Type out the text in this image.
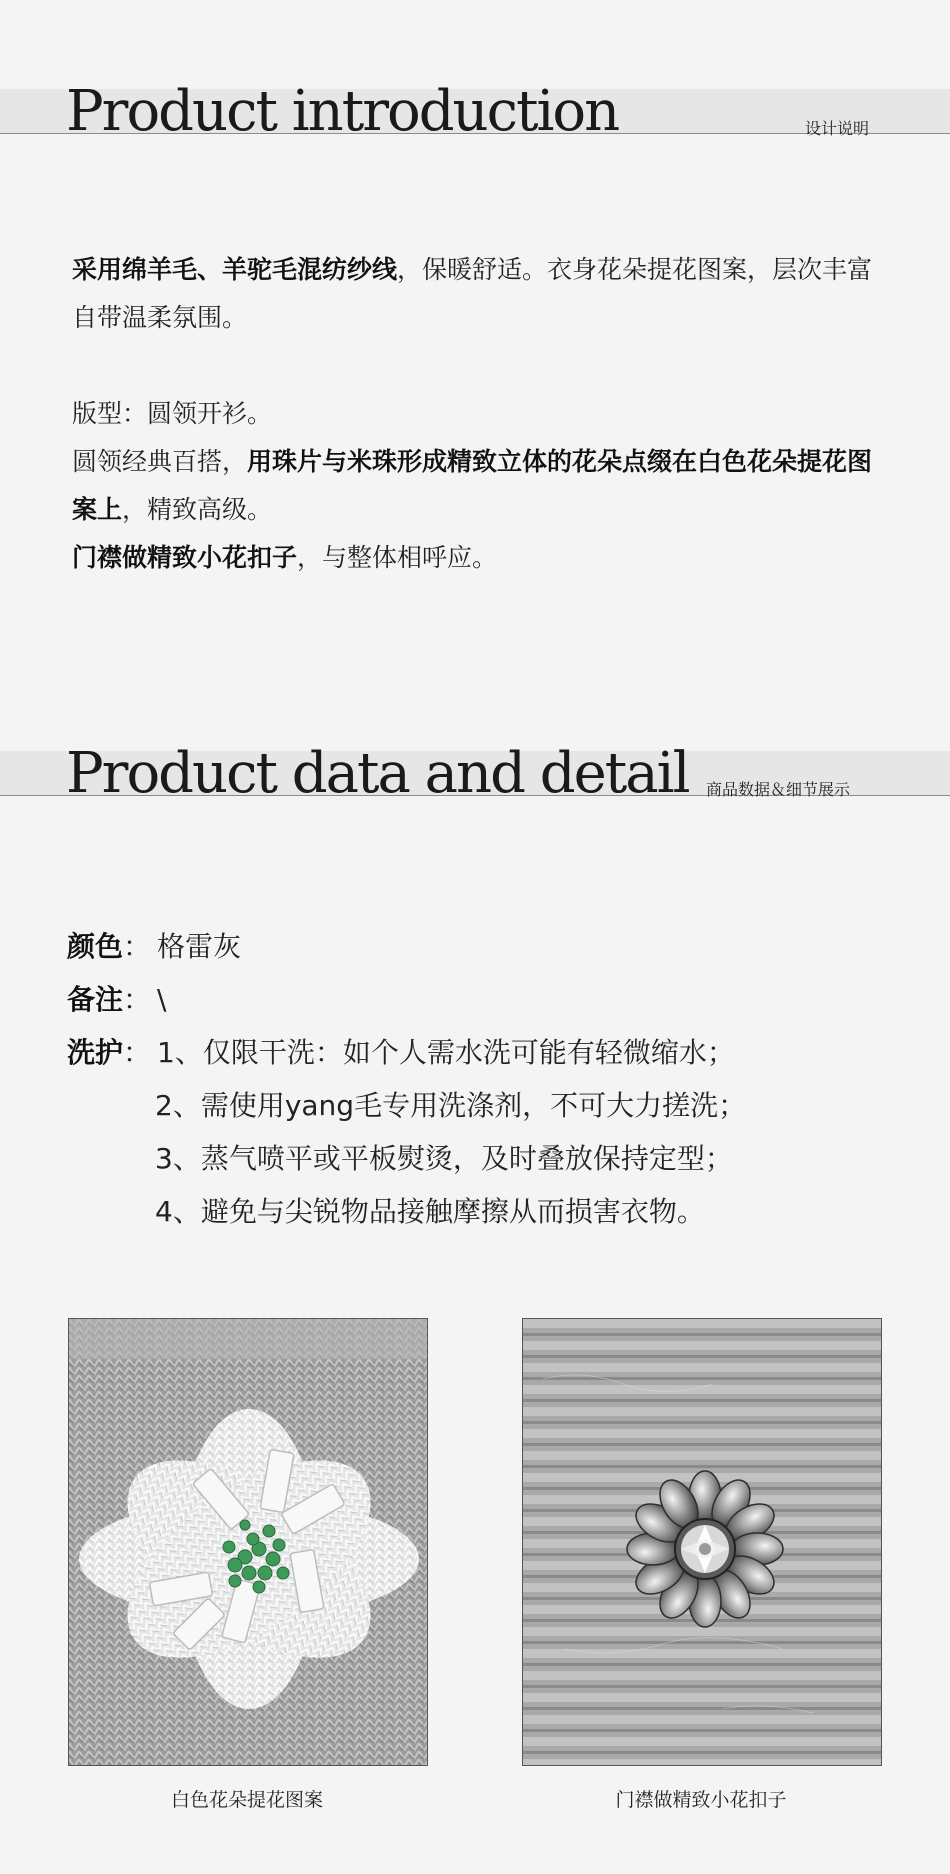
Product introduction	设计说明
采用绵羊毛、羊驼毛混纺纱线，保暖舒适。衣身花朵提花图案，层次丰富自带温柔氛围。
版型：圆领开衫。
圆领经典百搭，用珠片与米珠形成精致立体的花朵点缀在白色花朵提花图案上，精致高级。
门襟做精致小花扣子，与整体相呼应。
Product data and detail 商品数据＆细节展示
颜色 ： 格雷灰
备注 ： \
洗护 ： 1、仅限干洗：如个人需水洗可能有轻微缩水；
2、需使用yang毛专用洗涤剂，不可大力搓洗；
3、蒸气喷平或平板熨烫，及时叠放保持定型；
4、避免与尖锐物品接触摩擦从而损害衣物。
白色花朵提花图案	门襟做精致小花扣子
